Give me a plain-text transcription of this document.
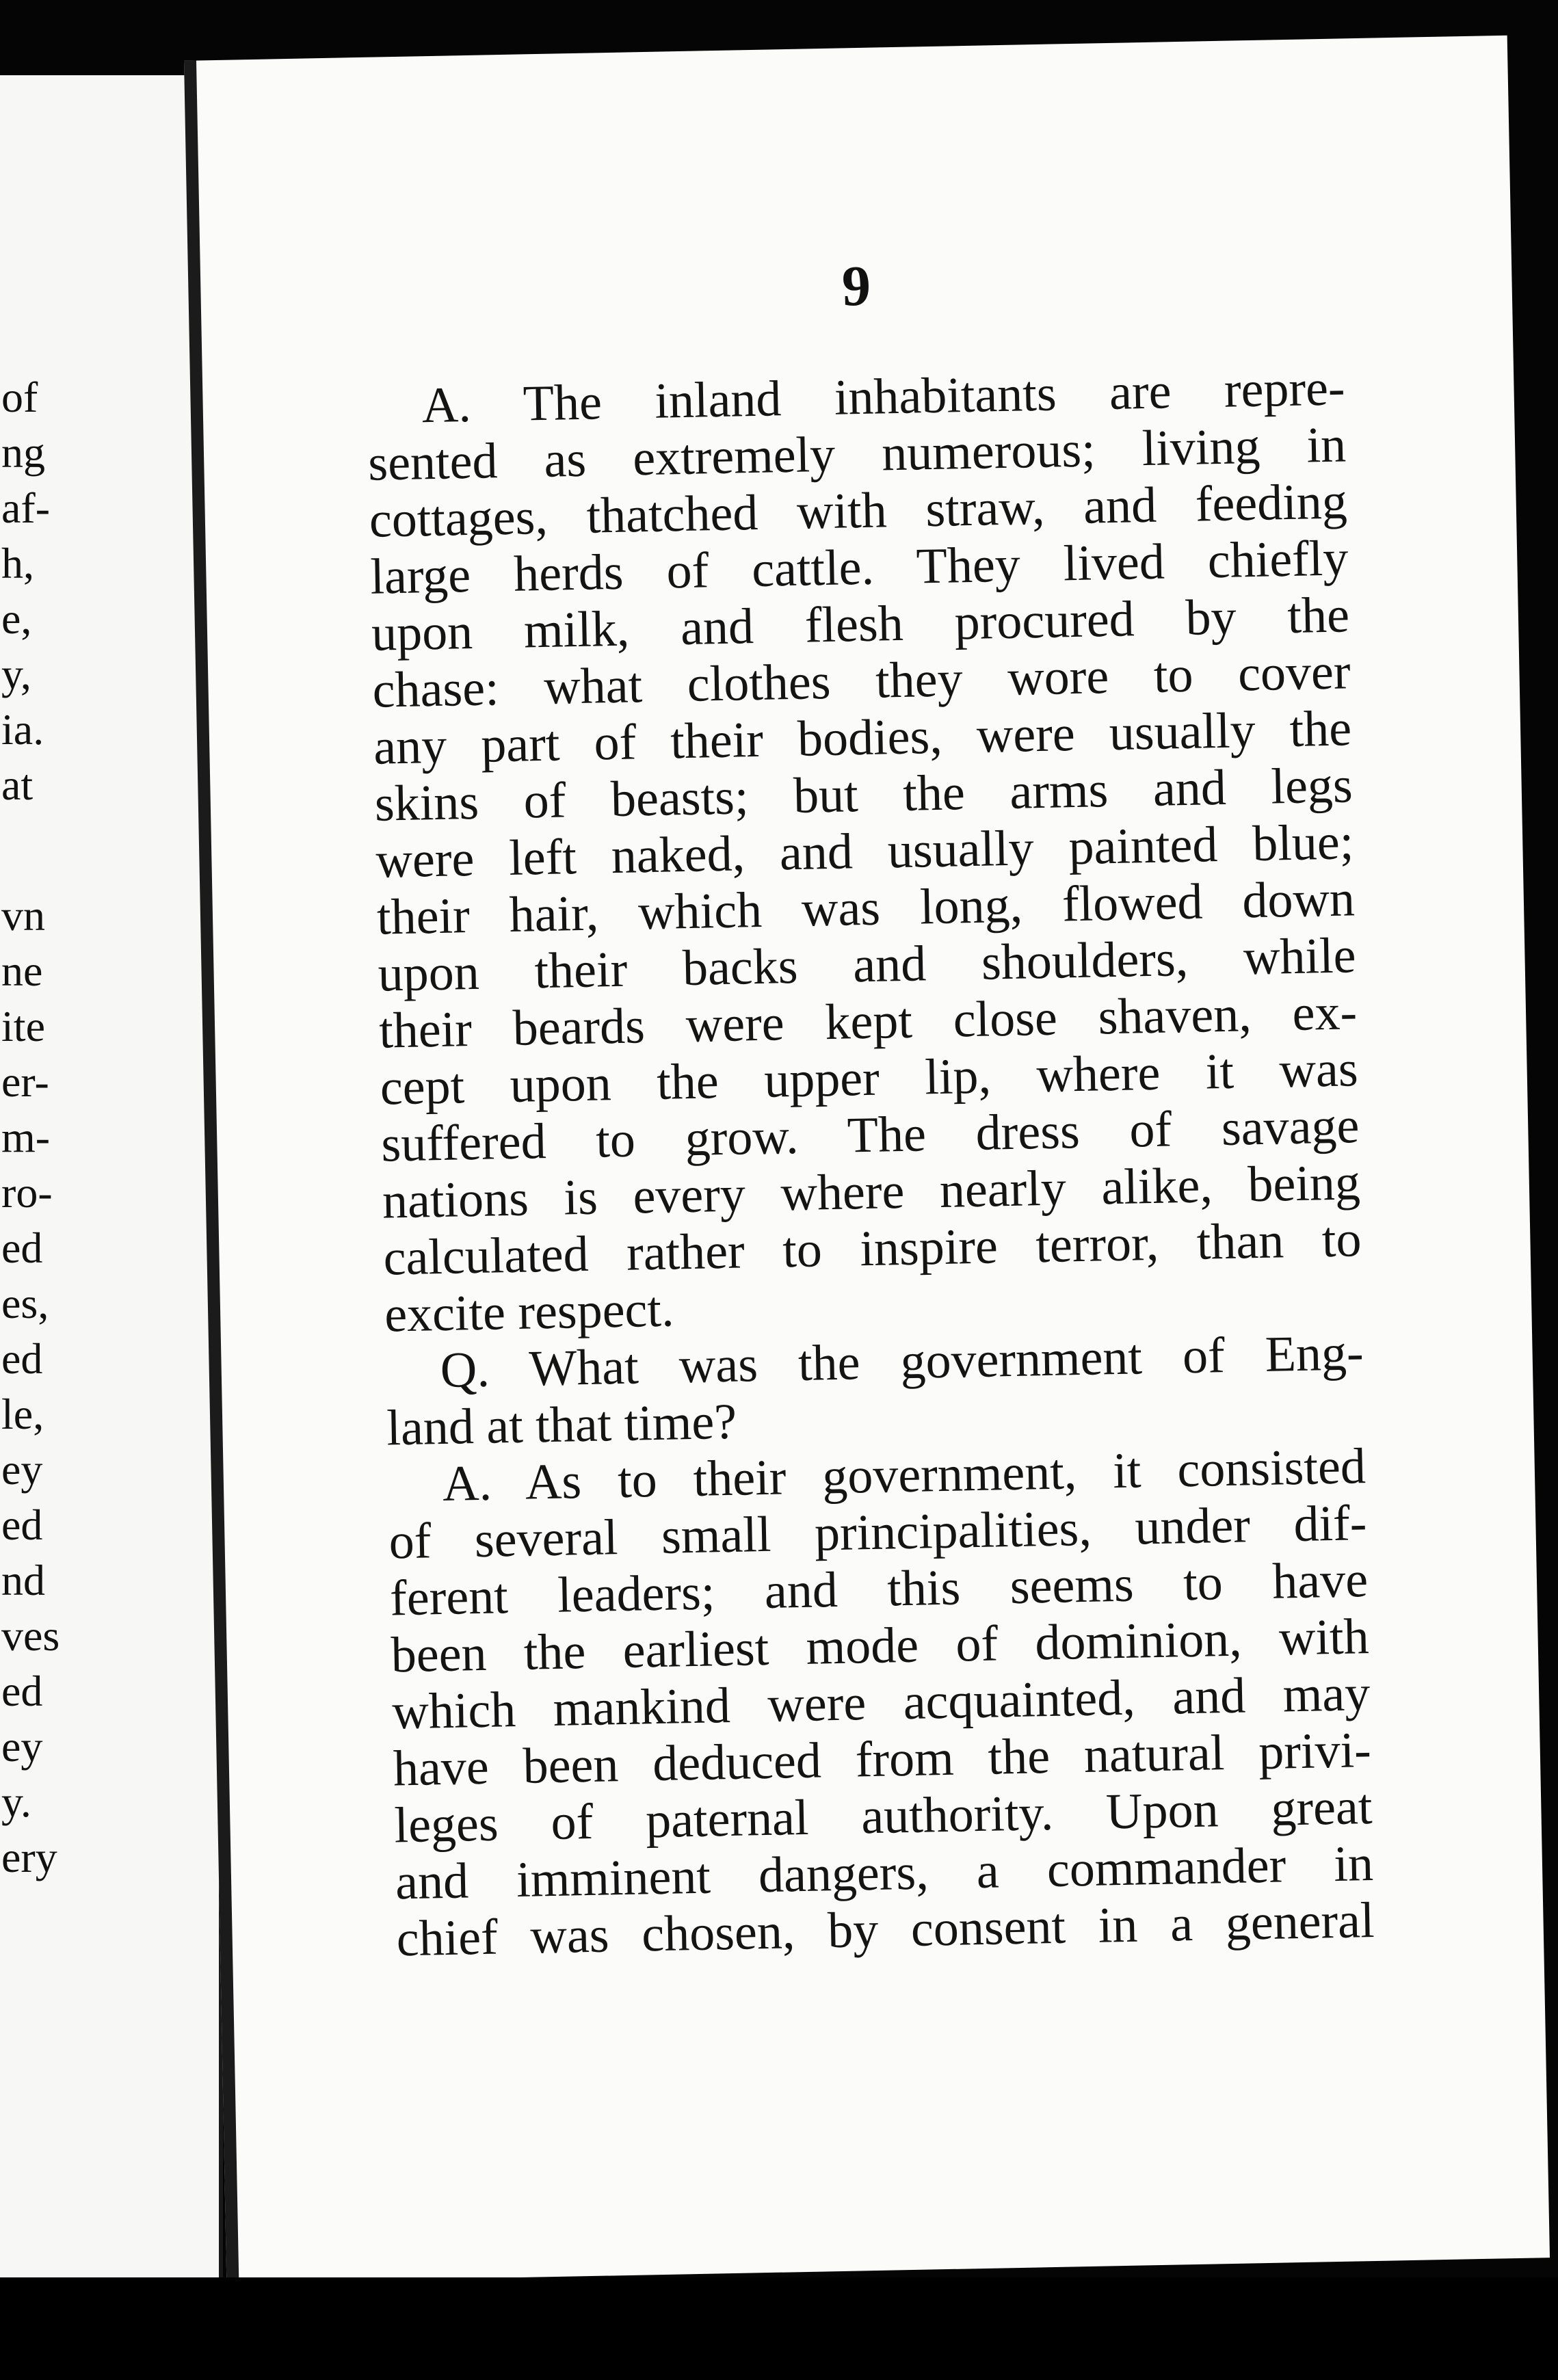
of
ng
af-
h,
e,
y,
ia.
at
vn
ne
ite
er-
m-
ro-
ed
es,
ed
le,
ey
ed
nd
ves
ed
ey
y.
ery
9
A. The inland inhabitants are repre-
sented as extremely numerous; living in
cottages, thatched with straw, and feeding
large herds of cattle. They lived chiefly
upon milk, and flesh procured by the
chase: what clothes they wore to cover
any part of their bodies, were usually the
skins of beasts; but the arms and legs
were left naked, and usually painted blue;
their hair, which was long, flowed down
upon their backs and shoulders, while
their beards were kept close shaven, ex-
cept upon the upper lip, where it was
suffered to grow. The dress of savage
nations is every where nearly alike, being
calculated rather to inspire terror, than to
excite respect.
Q. What was the government of Eng-
land at that time?
A. As to their government, it consisted
of several small principalities, under dif-
ferent leaders; and this seems to have
been the earliest mode of dominion, with
which mankind were acquainted, and may
have been deduced from the natural privi-
leges of paternal authority. Upon great
and imminent dangers, a commander in
chief was chosen, by consent in a general
